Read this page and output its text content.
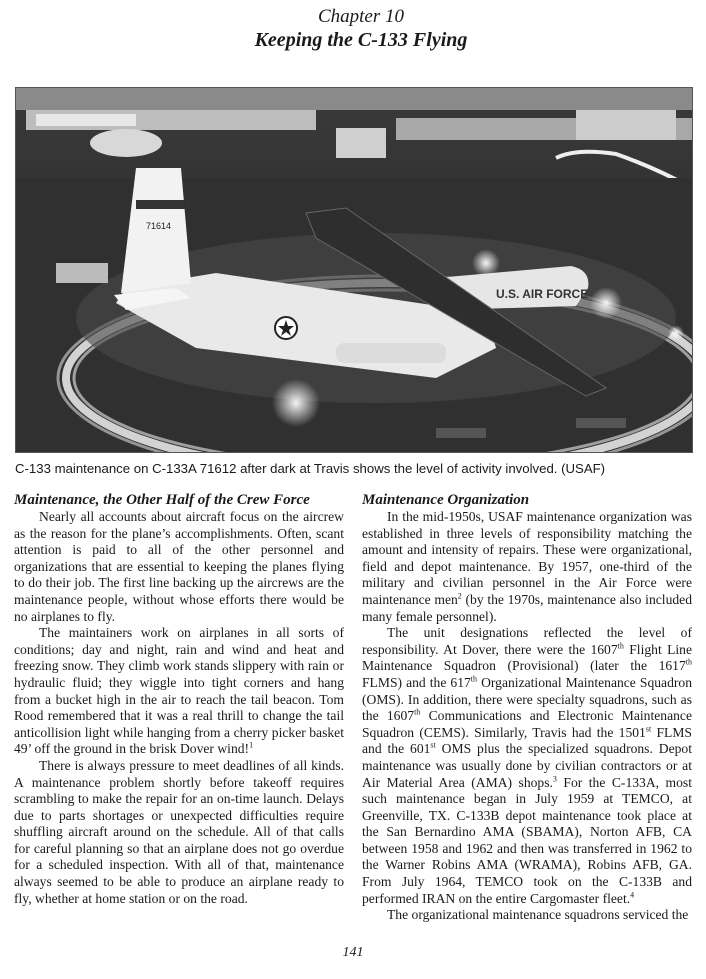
Chapter 10
Keeping the C-133 Flying
U.S. AIR FORCE
71614
C-133 maintenance on C-133A 71612 after dark at Travis shows the level of activity involved. (USAF)
Maintenance, the Other Half of the Crew Force

Nearly all accounts about aircraft focus on the aircrew as the reason for the plane’s accomplishments. Often, scant attention is paid to all of the other personnel and organizations that are essential to keeping the planes flying to do their job. The first line backing up the aircrews are the maintenance people, without whose efforts there would be no airplanes to fly.

The maintainers work on airplanes in all sorts of conditions; day and night, rain and wind and heat and freezing snow. They climb work stands slippery with rain or hydraulic fluid; they wiggle into tight corners and hang from a bucket high in the air to reach the tail beacon. Tom Rood remembered that it was a real thrill to change the tail anticollision light while hanging from a cherry picker basket 49’ off the ground in the brisk Dover wind!$^1$

There is always pressure to meet deadlines of all kinds. A maintenance problem shortly before takeoff requires scrambling to make the repair for an on-time launch. Delays due to parts shortages or unexpected difficulties require shuffling aircraft around on the schedule. All of that calls for careful planning so that an airplane does not go overdue for a scheduled inspection. With all of that, maintenance always seemed to be able to produce an airplane ready to fly, whether at home station or on the road.

Maintenance Organization

In the mid-1950s, USAF maintenance organization was established in three levels of responsibility matching the amount and intensity of repairs. These were organizational, field and depot maintenance. By 1957, one-third of the military and civilian personnel in the Air Force were maintenance men$^2$ (by the 1970s, maintenance also included many female personnel).

The unit designations reflected the level of responsibility. At Dover, there were the 1607th Flight Line Maintenance Squadron (Provisional) (later the 1617th FLMS) and the 617th Organizational Maintenance Squadron (OMS). In addition, there were specialty squadrons, such as the 1607th Communications and Electronic Maintenance Squadron (CEMS). Similarly, Travis had the 1501st FLMS and the 601st OMS plus the specialized squadrons. Depot maintenance was usually done by civilian contractors or at Air Material Area (AMA) shops.$^3$ For the C-133A, most such maintenance began in July 1959 at TEMCO, at Greenville, TX. C-133B depot maintenance took place at the San Bernardino AMA (SBAMA), Norton AFB, CA between 1958 and 1962 and then was transferred in 1962 to the Warner Robins AMA (WRAMA), Robins AFB, GA. From July 1964, TEMCO took on the C-133B and performed IRAN on the entire Cargomaster fleet.$^4$

The organizational maintenance squadrons serviced the

141
